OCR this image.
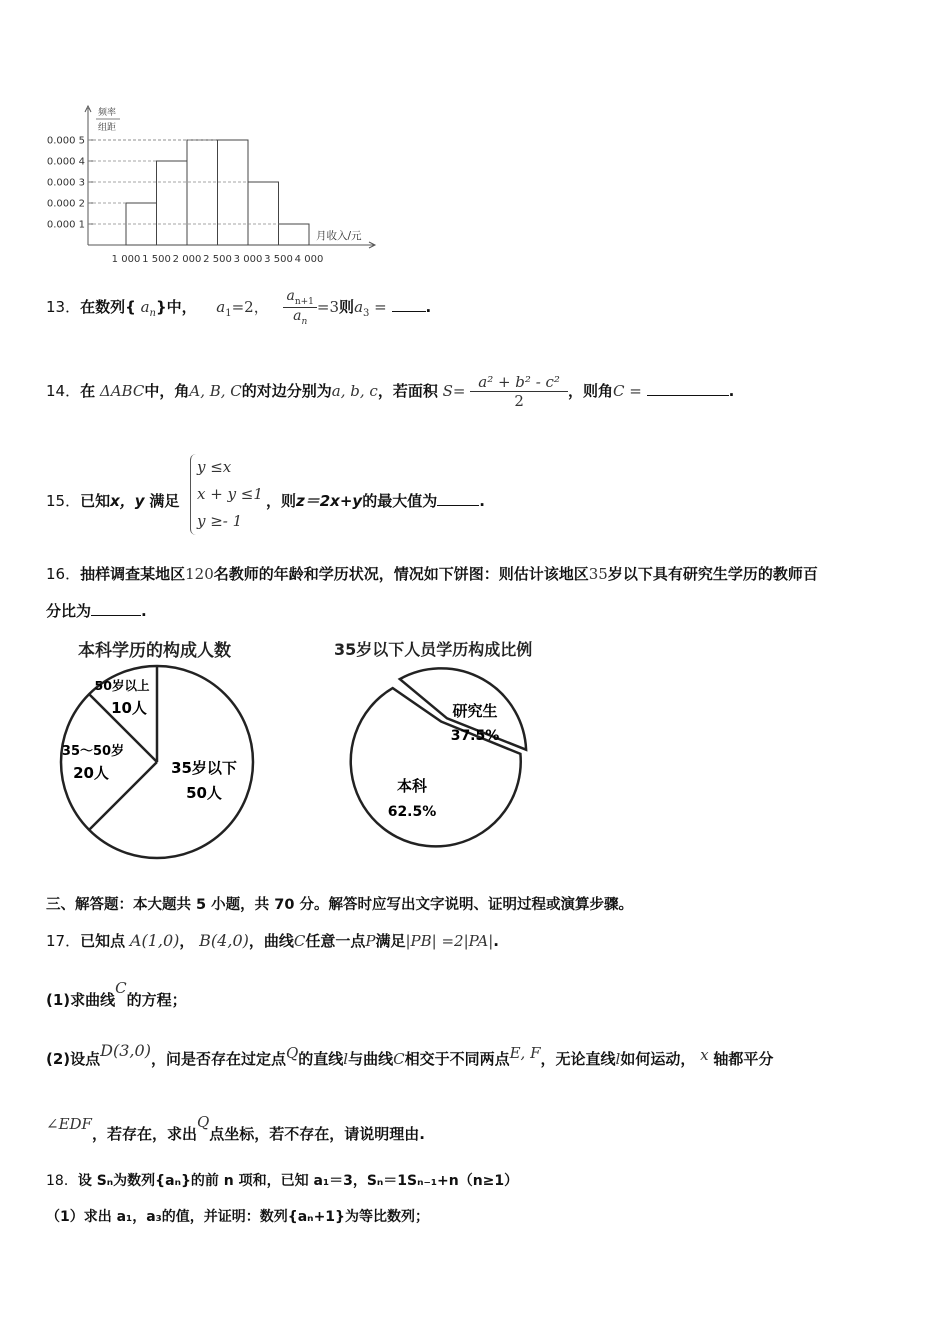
频率
组距
0.000 5
0.000 4
0.000 3
0.000 2
0.000 1
1 000 1 500 2 000 2 500 3 000 3 500 4 000
月收入/元
13．在数列{ $a_n$}中， $a_1=2$， $\frac{a_{n+1}}{a_n} =3$则$a_3$ =	.
14．在 ΔABC中，角A, B, C的对边分别为a, b, c，若面积 $S= \frac{\text{a² + b² - c²}}{2}$ ，则角C =	.
15．已知x，y 满足
y ≤x
x + y ≤1
y ≥- 1
，则z＝2x+y的最大值为	.
16．抽样调查某地区120名教师的年龄和学历状况，情况如下饼图：则估计该地区35岁以下具有研究生学历的教师百
分比为	.
本科学历的构成人数
50岁以上
10人
35～50岁
20人	35岁以下
50人
35岁以下人员学历构成比例
研究生
37.5%
本科
62.5%
三、解答题：本大题共 5 小题，共 70 分。解答时应写出文字说明、证明过程或演算步骤。
17．已知点 A(1,0)， B(4,0)，曲线C任意一点P满足|PB| =2|PA|.
(1)求曲线C的方程；
(2)设点D(3,0)，问是否存在过定点Q的直线l与曲线C相交于不同两点E, F，无论直线l如何运动， x 轴都平分
∠EDF，若存在，求出Q点坐标，若不存在，请说明理由.
18．设 Sₙ为数列{aₙ}的前 n 项和，已知 a₁＝3，Sₙ＝1Sₙ₋₁+n（n≥1）
（1）求出 a₁，a₃的值，并证明：数列{aₙ+1}为等比数列；
